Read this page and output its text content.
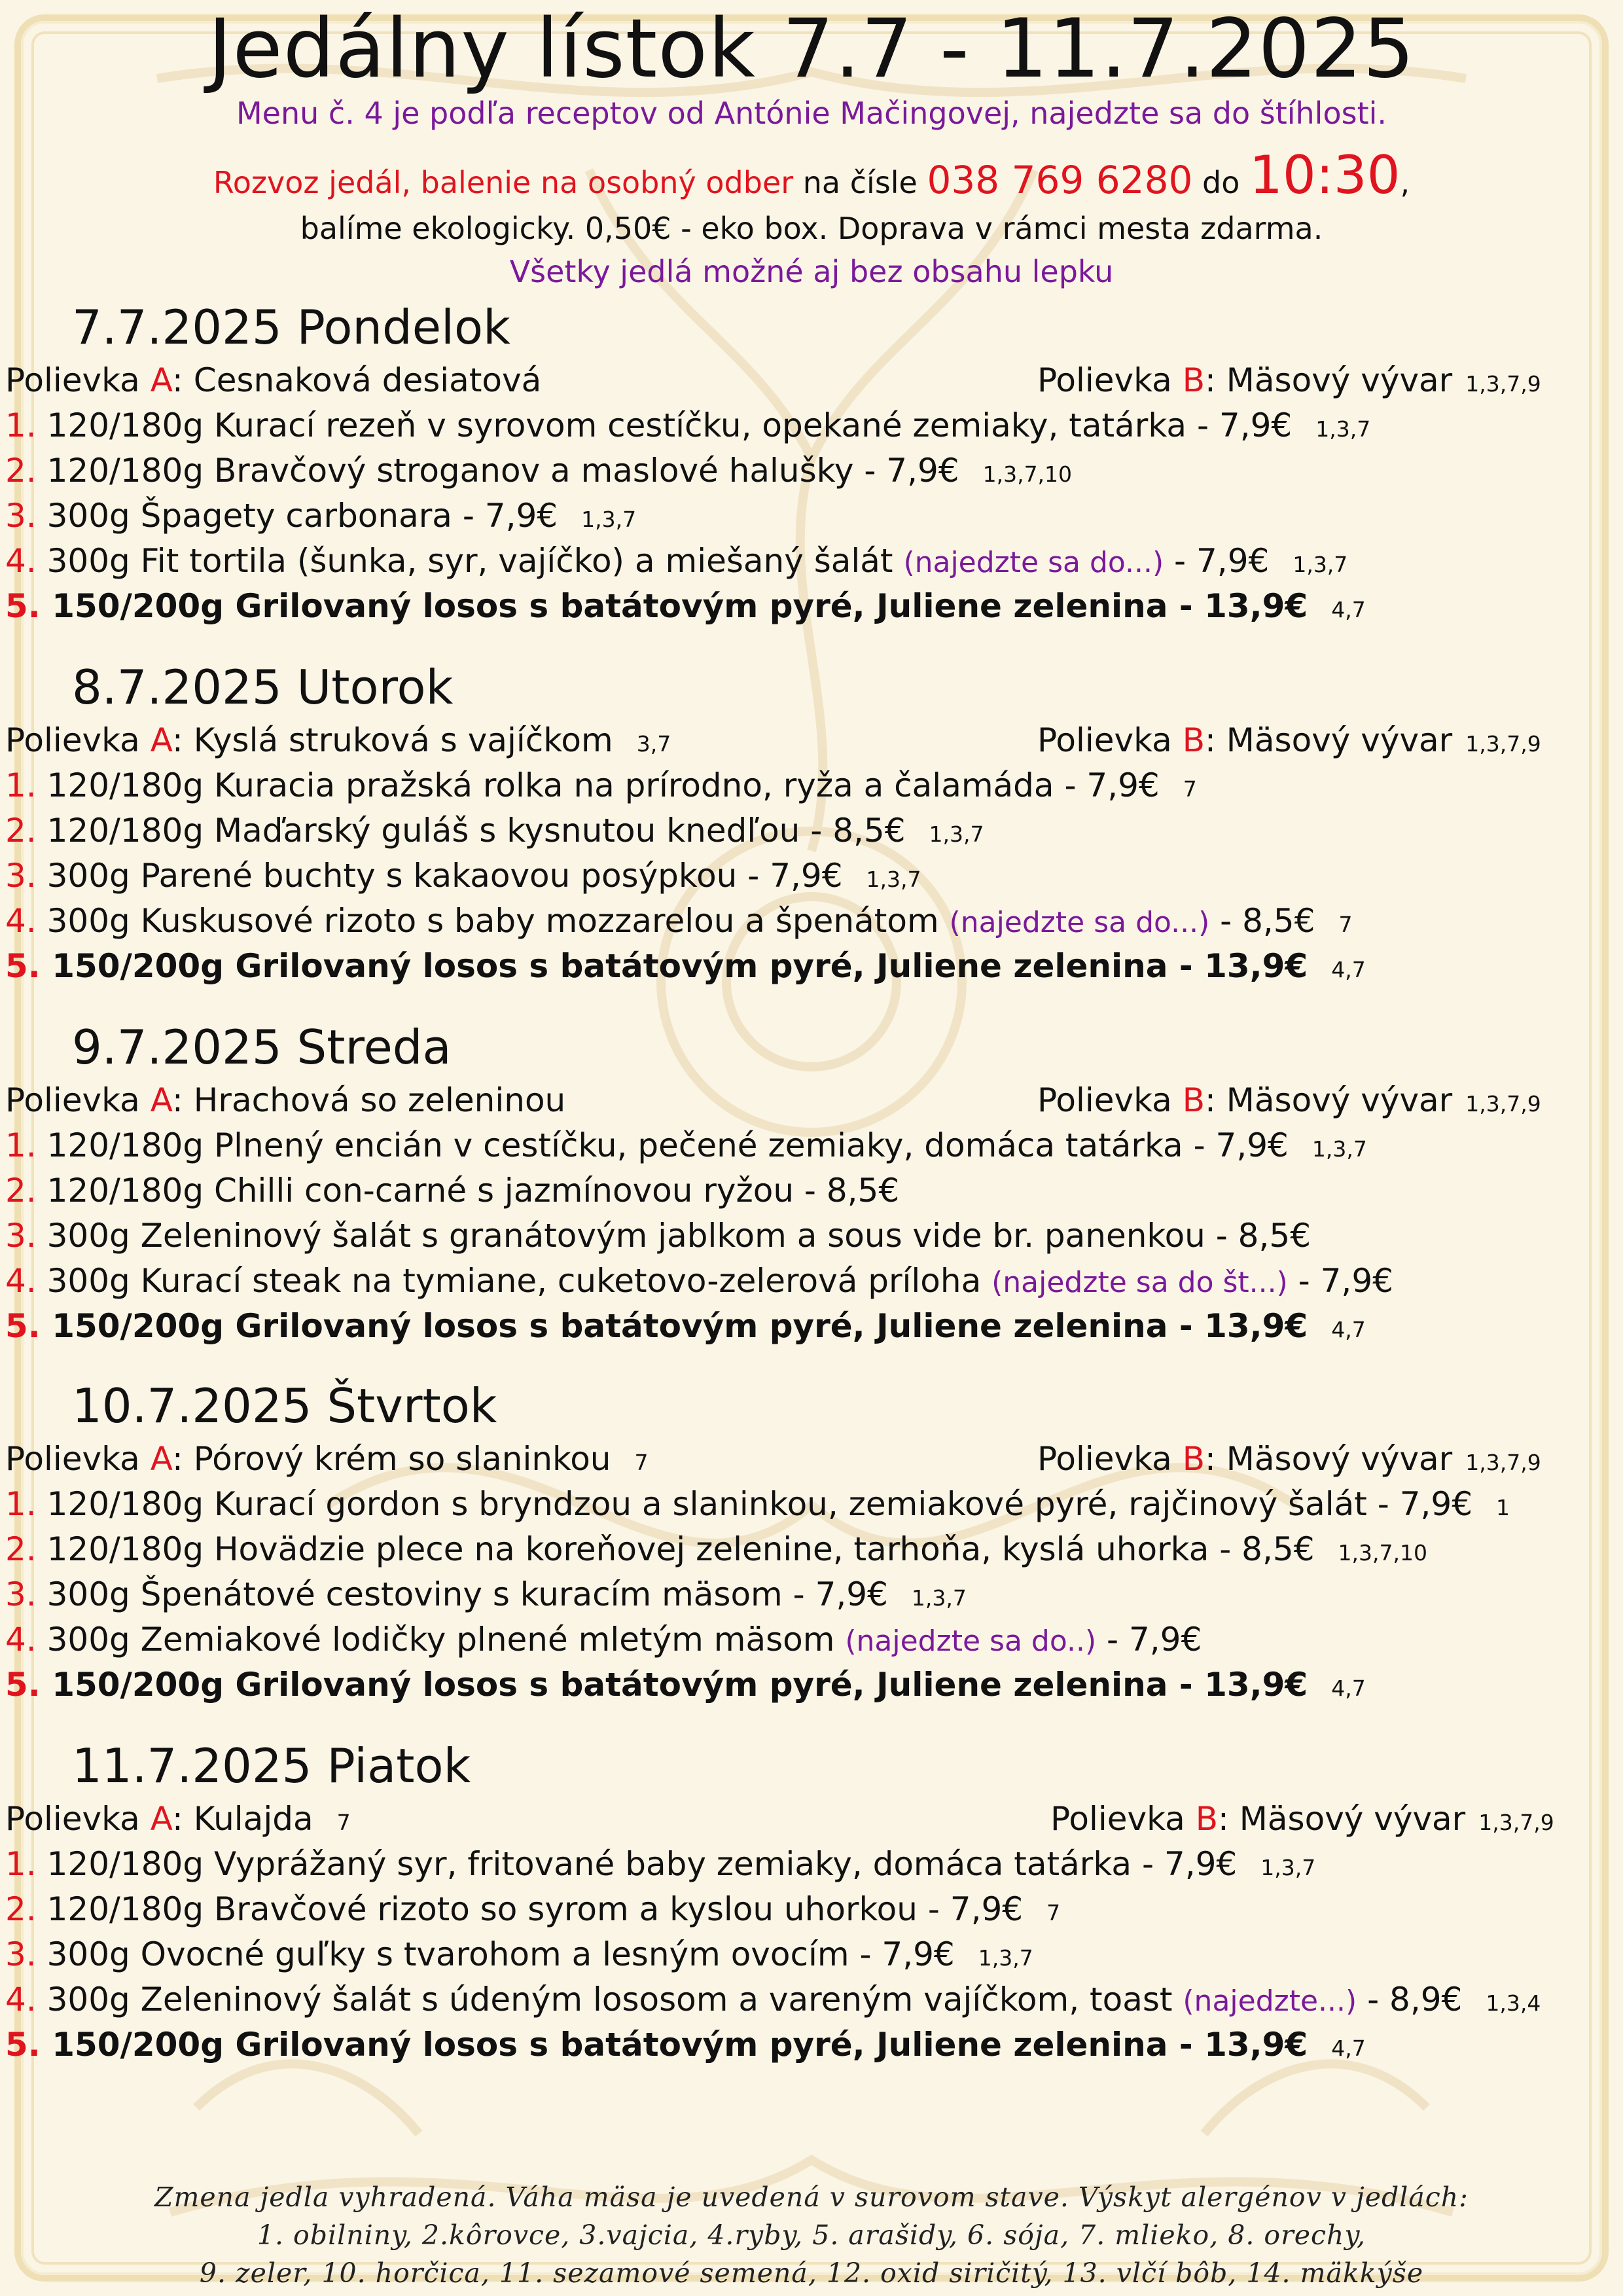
Jedálny lístok 7.7 - 11.7.2025
Menu č. 4 je podľa receptov od Antónie Mačingovej, najedzte sa do štíhlosti.
Rozvoz jedál, balenie na osobný odber na čísle 038 769 6280 do 10:30,
balíme ekologicky. 0,50€ - eko box. Doprava v rámci mesta zdarma.
Všetky jedlá možné aj bez obsahu lepku
7.7.2025 Pondelok
Polievka A: Cesnaková desiatová	Polievka B: Mäsový vývar 1,3,7,9
1. 120/180g Kurací rezeň v syrovom cestíčku, opekané zemiaky, tatárka - 7,9€ 1,3,7
2. 120/180g Bravčový stroganov a maslové halušky - 7,9€ 1,3,7,10
3. 300g Špagety carbonara - 7,9€ 1,3,7
4. 300g Fit tortila (šunka, syr, vajíčko) a miešaný šalát (najedzte sa do...) - 7,9€ 1,3,7
5. 150/200g Grilovaný losos s batátovým pyré, Juliene zelenina - 13,9€ 4,7
8.7.2025 Utorok
Polievka A: Kyslá struková s vajíčkom 3,7	Polievka B: Mäsový vývar 1,3,7,9
1. 120/180g Kuracia pražská rolka na prírodno, ryža a čalamáda - 7,9€ 7
2. 120/180g Maďarský guláš s kysnutou knedľou - 8,5€ 1,3,7
3. 300g Parené buchty s kakaovou posýpkou - 7,9€ 1,3,7
4. 300g Kuskusové rizoto s baby mozzarelou a špenátom (najedzte sa do...) - 8,5€ 7
5. 150/200g Grilovaný losos s batátovým pyré, Juliene zelenina - 13,9€ 4,7
9.7.2025 Streda
Polievka A: Hrachová so zeleninou	Polievka B: Mäsový vývar 1,3,7,9
1. 120/180g Plnený encián v cestíčku, pečené zemiaky, domáca tatárka - 7,9€ 1,3,7
2. 120/180g Chilli con-carné s jazmínovou ryžou - 8,5€
3. 300g Zeleninový šalát s granátovým jablkom a sous vide br. panenkou - 8,5€
4. 300g Kurací steak na tymiane, cuketovo-zelerová príloha (najedzte sa do št...) - 7,9€
5. 150/200g Grilovaný losos s batátovým pyré, Juliene zelenina - 13,9€ 4,7
10.7.2025 Štvrtok
Polievka A: Pórový krém so slaninkou 7	Polievka B: Mäsový vývar 1,3,7,9
1. 120/180g Kurací gordon s bryndzou a slaninkou, zemiakové pyré, rajčinový šalát - 7,9€ 1
2. 120/180g Hovädzie plece na koreňovej zelenine, tarhoňa, kyslá uhorka - 8,5€ 1,3,7,10
3. 300g Špenátové cestoviny s kuracím mäsom - 7,9€ 1,3,7
4. 300g Zemiakové lodičky plnené mletým mäsom (najedzte sa do..) - 7,9€
5. 150/200g Grilovaný losos s batátovým pyré, Juliene zelenina - 13,9€ 4,7
11.7.2025 Piatok
Polievka A: Kulajda 7	Polievka B: Mäsový vývar 1,3,7,9
1. 120/180g Vyprážaný syr, fritované baby zemiaky, domáca tatárka - 7,9€ 1,3,7
2. 120/180g Bravčové rizoto so syrom a kyslou uhorkou - 7,9€ 7
3. 300g Ovocné guľky s tvarohom a lesným ovocím - 7,9€ 1,3,7
4. 300g Zeleninový šalát s údeným lososom a vareným vajíčkom, toast (najedzte...) - 8,9€ 1,3,4
5. 150/200g Grilovaný losos s batátovým pyré, Juliene zelenina - 13,9€ 4,7
Zmena jedla vyhradená. Váha mäsa je uvedená v surovom stave. Výskyt alergénov v jedlách:
1. obilniny, 2.kôrovce, 3.vajcia, 4.ryby, 5. arašidy, 6. sója, 7. mlieko, 8. orechy,
9. zeler, 10. horčica, 11. sezamové semená, 12. oxid siričitý, 13. vlčí bôb, 14. mäkkýše
